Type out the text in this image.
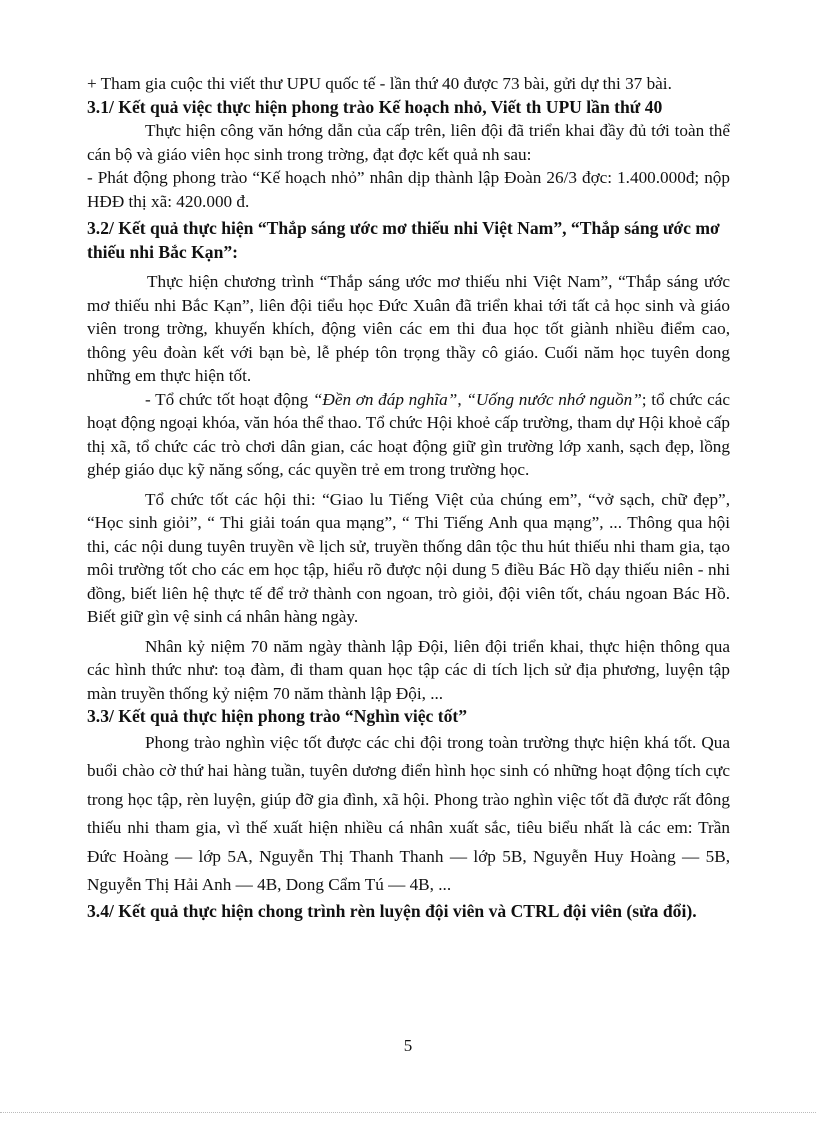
+ Tham gia cuộc thi viết thư UPU quốc tế - lần thứ 40 được 73 bài, gửi dự thi 37 bài.

3.1/ Kết quả việc thực hiện phong trào Kế hoạch nhỏ, Viết th UPU lần thứ 40

Thực hiện công văn hớng dẫn của cấp trên, liên đội đã triển khai đầy đủ tới toàn thể cán bộ và giáo viên học sinh trong trờng, đạt đợc kết quả nh sau:

- Phát động phong trào “Kế hoạch nhỏ” nhân dịp thành lập Đoàn 26/3 đợc: 1.400.000đ; nộp HĐĐ thị xã: 420.000 đ.

3.2/ Kết quả thực hiện “Thắp sáng ước mơ thiếu nhi Việt Nam”, “Thắp sáng ước mơ thiếu nhi Bắc Kạn”:

Thực hiện chương trình “Thắp sáng ước mơ thiếu nhi Việt Nam”, “Thắp sáng ước mơ thiếu nhi Bắc Kạn”, liên đội tiểu học Đức Xuân đã triển khai tới tất cả học sinh và giáo viên trong trờng, khuyến khích, động viên các em thi đua học tốt giành nhiều điểm cao, thông yêu đoàn kết với bạn bè, lễ phép tôn trọng thầy cô giáo. Cuối năm học tuyên dong những em thực hiện tốt.

- Tổ chức tốt hoạt động “Đền ơn đáp nghĩa”, “Uống nước nhớ nguồn”; tổ chức các hoạt động ngoại khóa, văn hóa thể thao. Tổ chức Hội khoẻ cấp trường, tham dự Hội khoẻ cấp thị xã, tổ chức các trò chơi dân gian, các hoạt động giữ gìn trường lớp xanh, sạch đẹp, lồng ghép giáo dục kỹ năng sống, các quyền trẻ em trong trường học.

Tổ chức tốt các hội thi: “Giao lu Tiếng Việt của chúng em”, “vở sạch, chữ đẹp”, “Học sinh giỏi”, “ Thi giải toán qua mạng”, “ Thi Tiếng Anh qua mạng”, ... Thông qua hội thi, các nội dung tuyên truyền về lịch sử, truyền thống dân tộc thu hút thiếu nhi tham gia, tạo môi trường tốt cho các em học tập, hiểu rõ được nội dung 5 điều Bác Hồ dạy thiếu niên - nhi đồng, biết liên hệ thực tế để trở thành con ngoan, trò giỏi, đội viên tốt, cháu ngoan Bác Hồ. Biết giữ gìn vệ sinh cá nhân hàng ngày.

Nhân kỷ niệm 70 năm ngày thành lập Đội, liên đội triển khai, thực hiện thông qua các hình thức như: toạ đàm, đi tham quan học tập các di tích lịch sử địa phương, luyện tập màn truyền thống kỷ niệm 70 năm thành lập Đội, ...

3.3/ Kết quả thực hiện phong trào “Nghìn việc tốt”

Phong trào nghìn việc tốt được các chi đội trong toàn trường thực hiện khá tốt. Qua buổi chào cờ thứ hai hàng tuần, tuyên dương điển hình học sinh có những hoạt động tích cực trong học tập, rèn luyện, giúp đỡ gia đình, xã hội. Phong trào nghìn việc tốt đã được rất đông thiếu nhi tham gia, vì thế xuất hiện nhiều cá nhân xuất sắc, tiêu biểu nhất là các em: Trần Đức Hoàng — lớp 5A, Nguyễn Thị Thanh Thanh — lớp 5B, Nguyễn Huy Hoàng — 5B, Nguyễn Thị Hải Anh — 4B, Dong Cẩm Tú — 4B, ...

3.4/ Kết quả thực hiện chong trình rèn luyện đội viên và CTRL đội viên (sửa đổi).
5
